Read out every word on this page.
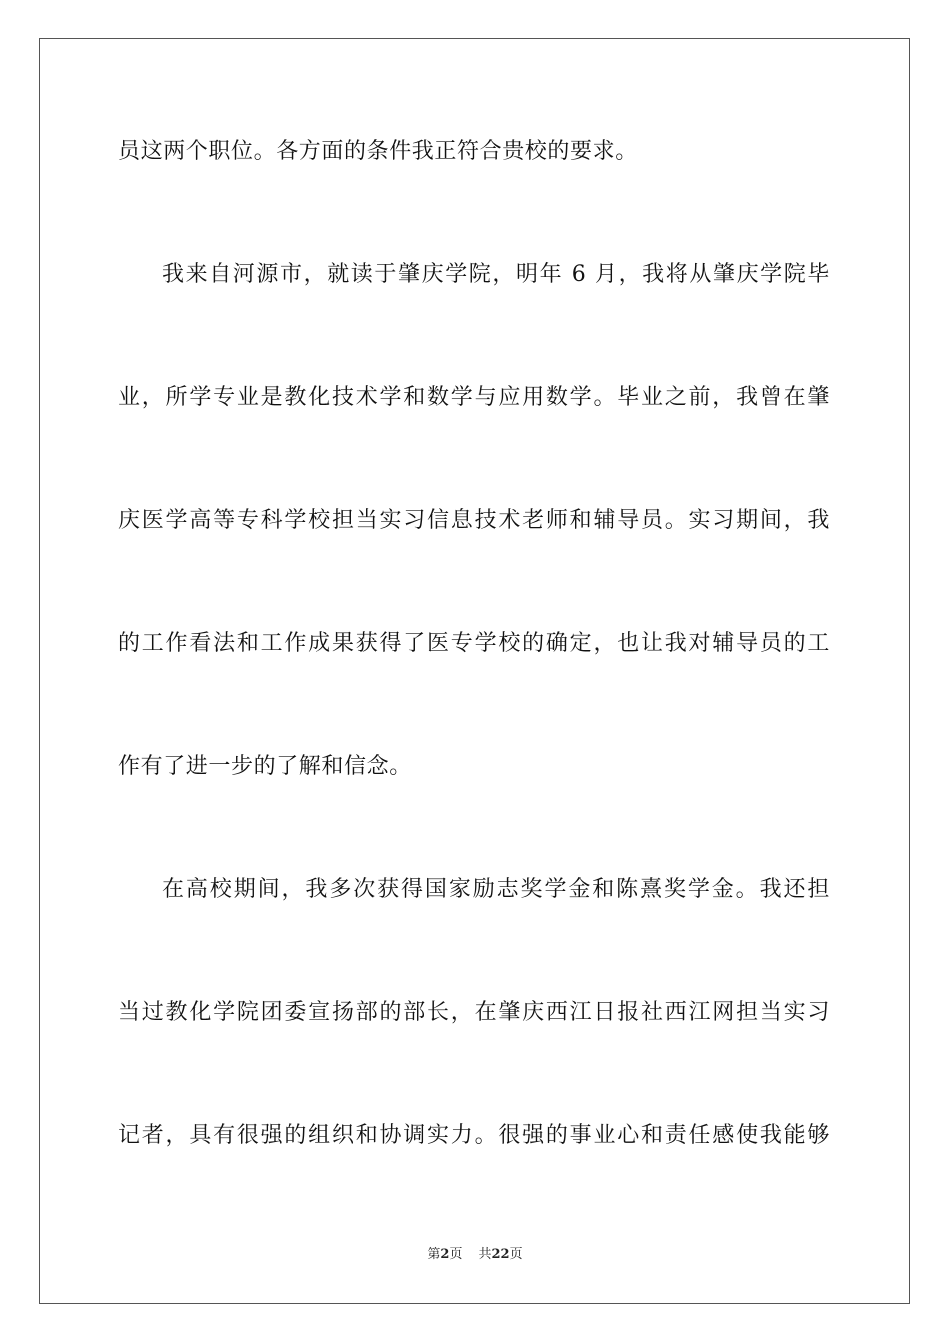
员这两个职位。各方面的条件我正符合贵校的要求。
我来自河源市，就读于肇庆学院，明年 6 月，我将从肇庆学院毕
业，所学专业是教化技术学和数学与应用数学。毕业之前，我曾在肇
庆医学高等专科学校担当实习信息技术老师和辅导员。实习期间，我
的工作看法和工作成果获得了医专学校的确定，也让我对辅导员的工
作有了进一步的了解和信念。
在高校期间，我多次获得国家励志奖学金和陈熹奖学金。我还担
当过教化学院团委宣扬部的部长，在肇庆西江日报社西江网担当实习
记者，具有很强的组织和协调实力。很强的事业心和责任感使我能够
第2页 共22页
